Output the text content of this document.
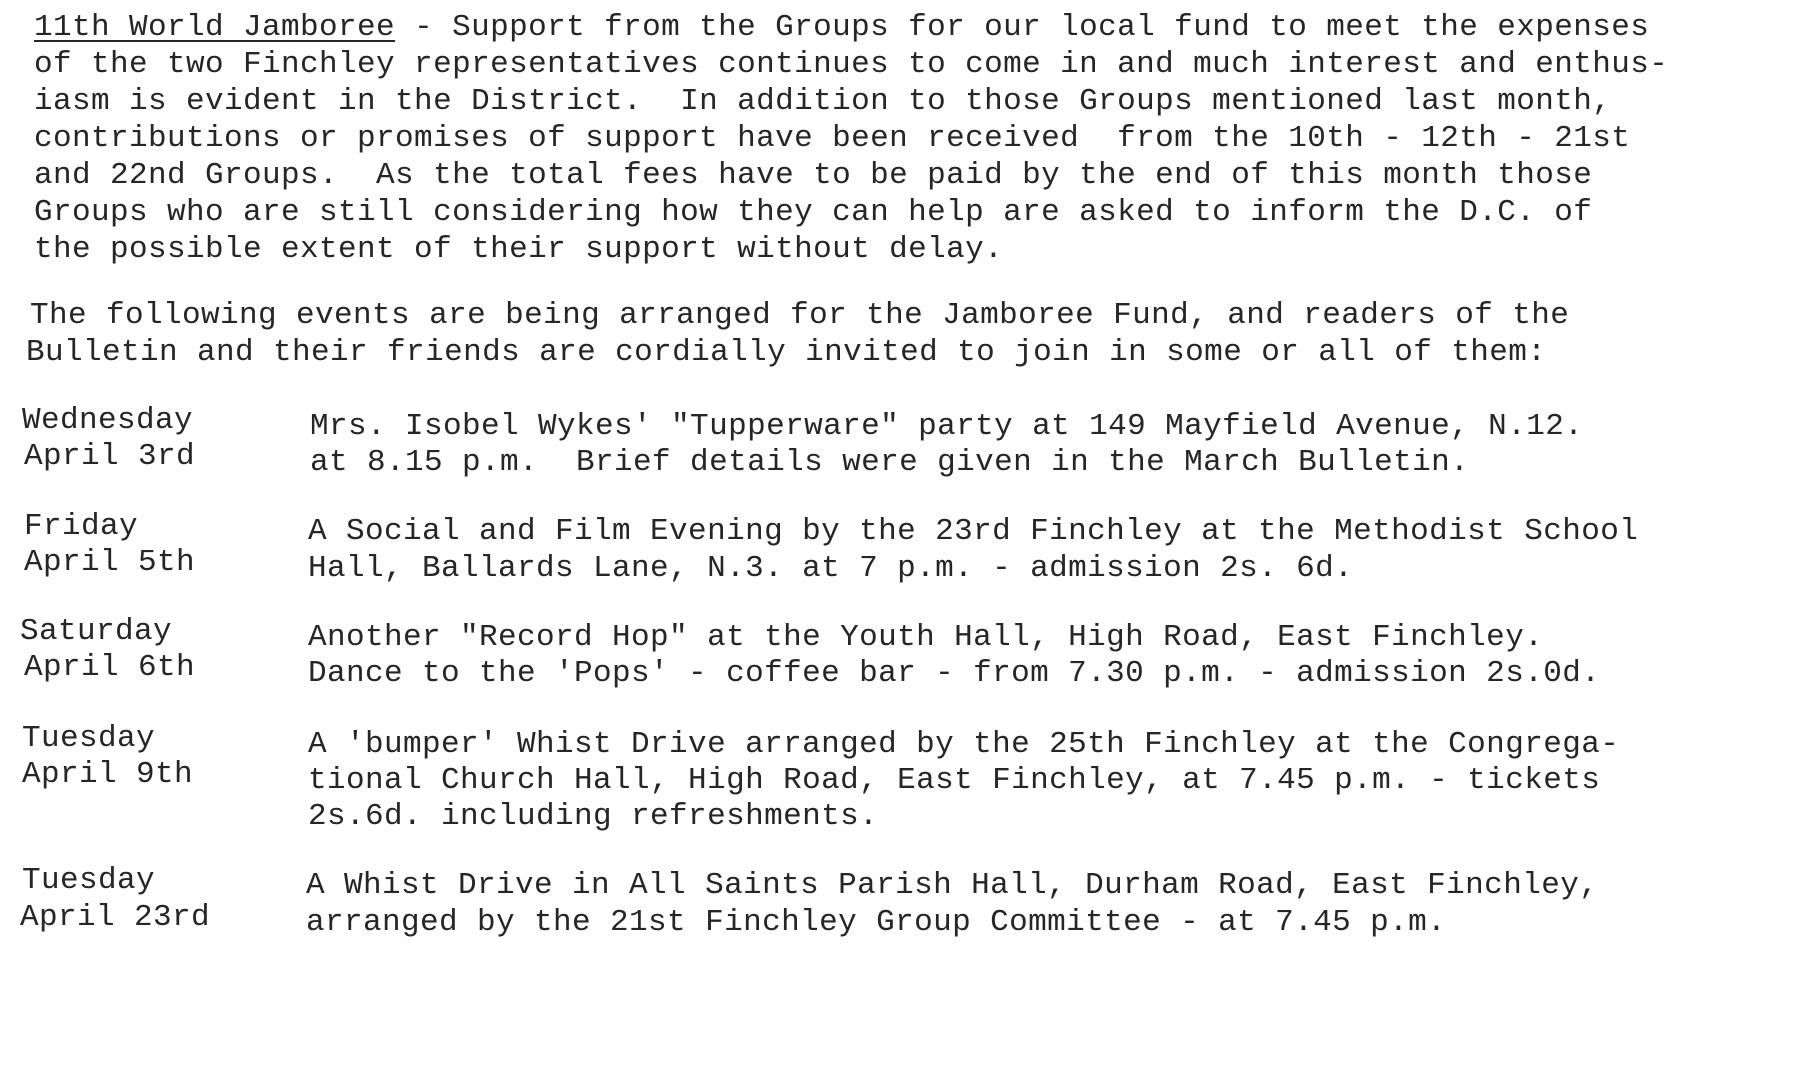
11th World Jamboree - Support from the Groups for our local fund to meet the expenses
of the two Finchley representatives continues to come in and much interest and enthus-
iasm is evident in the District.  In addition to those Groups mentioned last month,
contributions or promises of support have been received  from the 10th - 12th - 21st
and 22nd Groups.  As the total fees have to be paid by the end of this month those
Groups who are still considering how they can help are asked to inform the D.C. of
the possible extent of their support without delay.
The following events are being arranged for the Jamboree Fund, and readers of the
Bulletin and their friends are cordially invited to join in some or all of them:
Wednesday
April 3rd
Mrs. Isobel Wykes' "Tupperware" party at 149 Mayfield Avenue, N.12.
at 8.15 p.m.  Brief details were given in the March Bulletin.
Friday
April 5th
A Social and Film Evening by the 23rd Finchley at the Methodist School
Hall, Ballards Lane, N.3. at 7 p.m. - admission 2s. 6d.
Saturday
April 6th
Another "Record Hop" at the Youth Hall, High Road, East Finchley.
Dance to the 'Pops' - coffee bar - from 7.30 p.m. - admission 2s.0d.
Tuesday
April 9th
A 'bumper' Whist Drive arranged by the 25th Finchley at the Congrega-
tional Church Hall, High Road, East Finchley, at 7.45 p.m. - tickets
2s.6d. including refreshments.
Tuesday
April 23rd
A Whist Drive in All Saints Parish Hall, Durham Road, East Finchley,
arranged by the 21st Finchley Group Committee - at 7.45 p.m.
